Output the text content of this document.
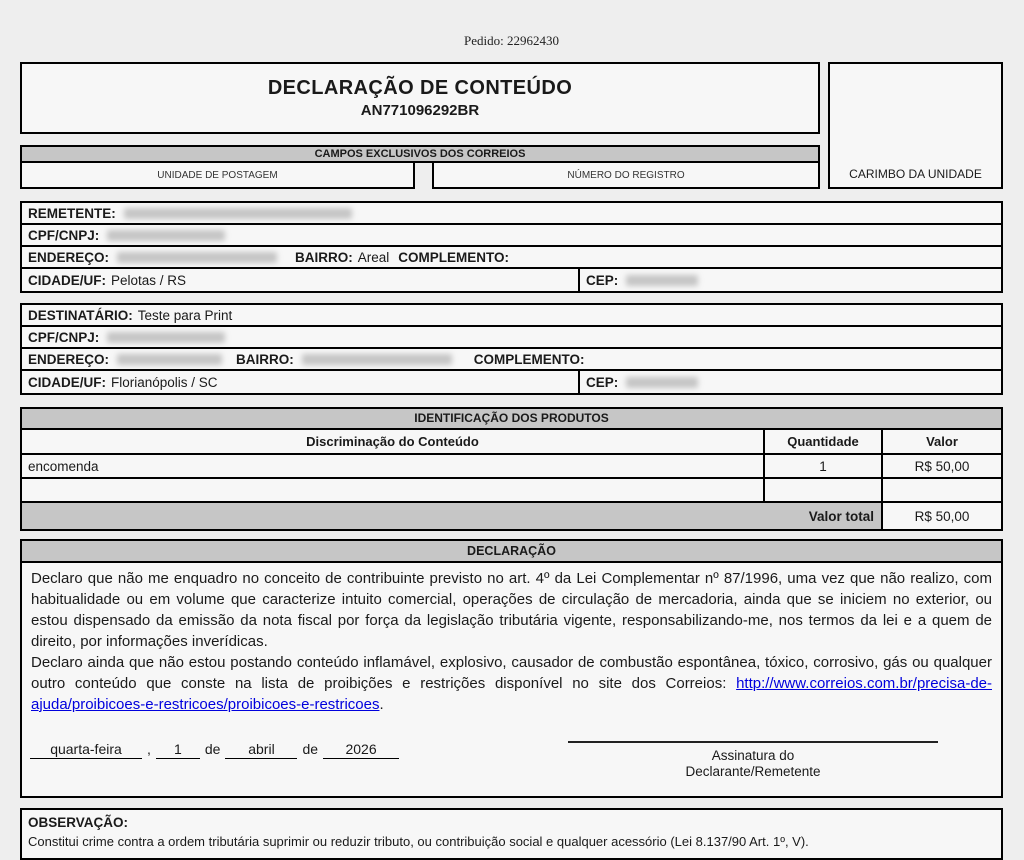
Pedido: 22962430
DECLARAÇÃO DE CONTEÚDO
AN771096292BR
CAMPOS EXCLUSIVOS DOS CORREIOS
UNIDADE DE POSTAGEM	NÚMERO DO REGISTRO	CARIMBO DA UNIDADE
REMETENTE:
CPF/CNPJ:
ENDEREÇO:	BAIRRO: Areal COMPLEMENTO:
CIDADE/UF: Pelotas / RS	CEP:
DESTINATÁRIO: Teste para Print
CPF/CNPJ:
ENDEREÇO:	BAIRRO:	COMPLEMENTO:
CIDADE/UF: Florianópolis / SC	CEP:
IDENTIFICAÇÃO DOS PRODUTOS
Discriminação do Conteúdo	Quantidade	Valor
encomenda	1	R$ 50,00
Valor total	R$ 50,00
DECLARAÇÃO

Declaro que não me enquadro no conceito de contribuinte previsto no art. 4º da Lei Complementar nº 87/1996, uma vez que não realizo, com habitualidade ou em volume que caracterize intuito comercial, operações de circulação de mercadoria, ainda que se iniciem no exterior, ou estou dispensado da emissão da nota fiscal por força da legislação tributária vigente, responsabilizando-me, nos termos da lei e a quem de direito, por informações inverídicas.

Declaro ainda que não estou postando conteúdo inflamável, explosivo, causador de combustão espontânea, tóxico, corrosivo, gás ou qualquer outro conteúdo que conste na lista de proibições e restrições disponível no site dos Correios: http://www.correios.com.br/precisa-de-ajuda/proibicoes-e-restricoes/proibicoes-e-restricoes.

quarta-feira , 1 de abril de 2026	Assinatura do
Declarante/Remetente
OBSERVAÇÃO:
Constitui crime contra a ordem tributária suprimir ou reduzir tributo, ou contribuição social e qualquer acessório (Lei 8.137/90 Art. 1º, V).
